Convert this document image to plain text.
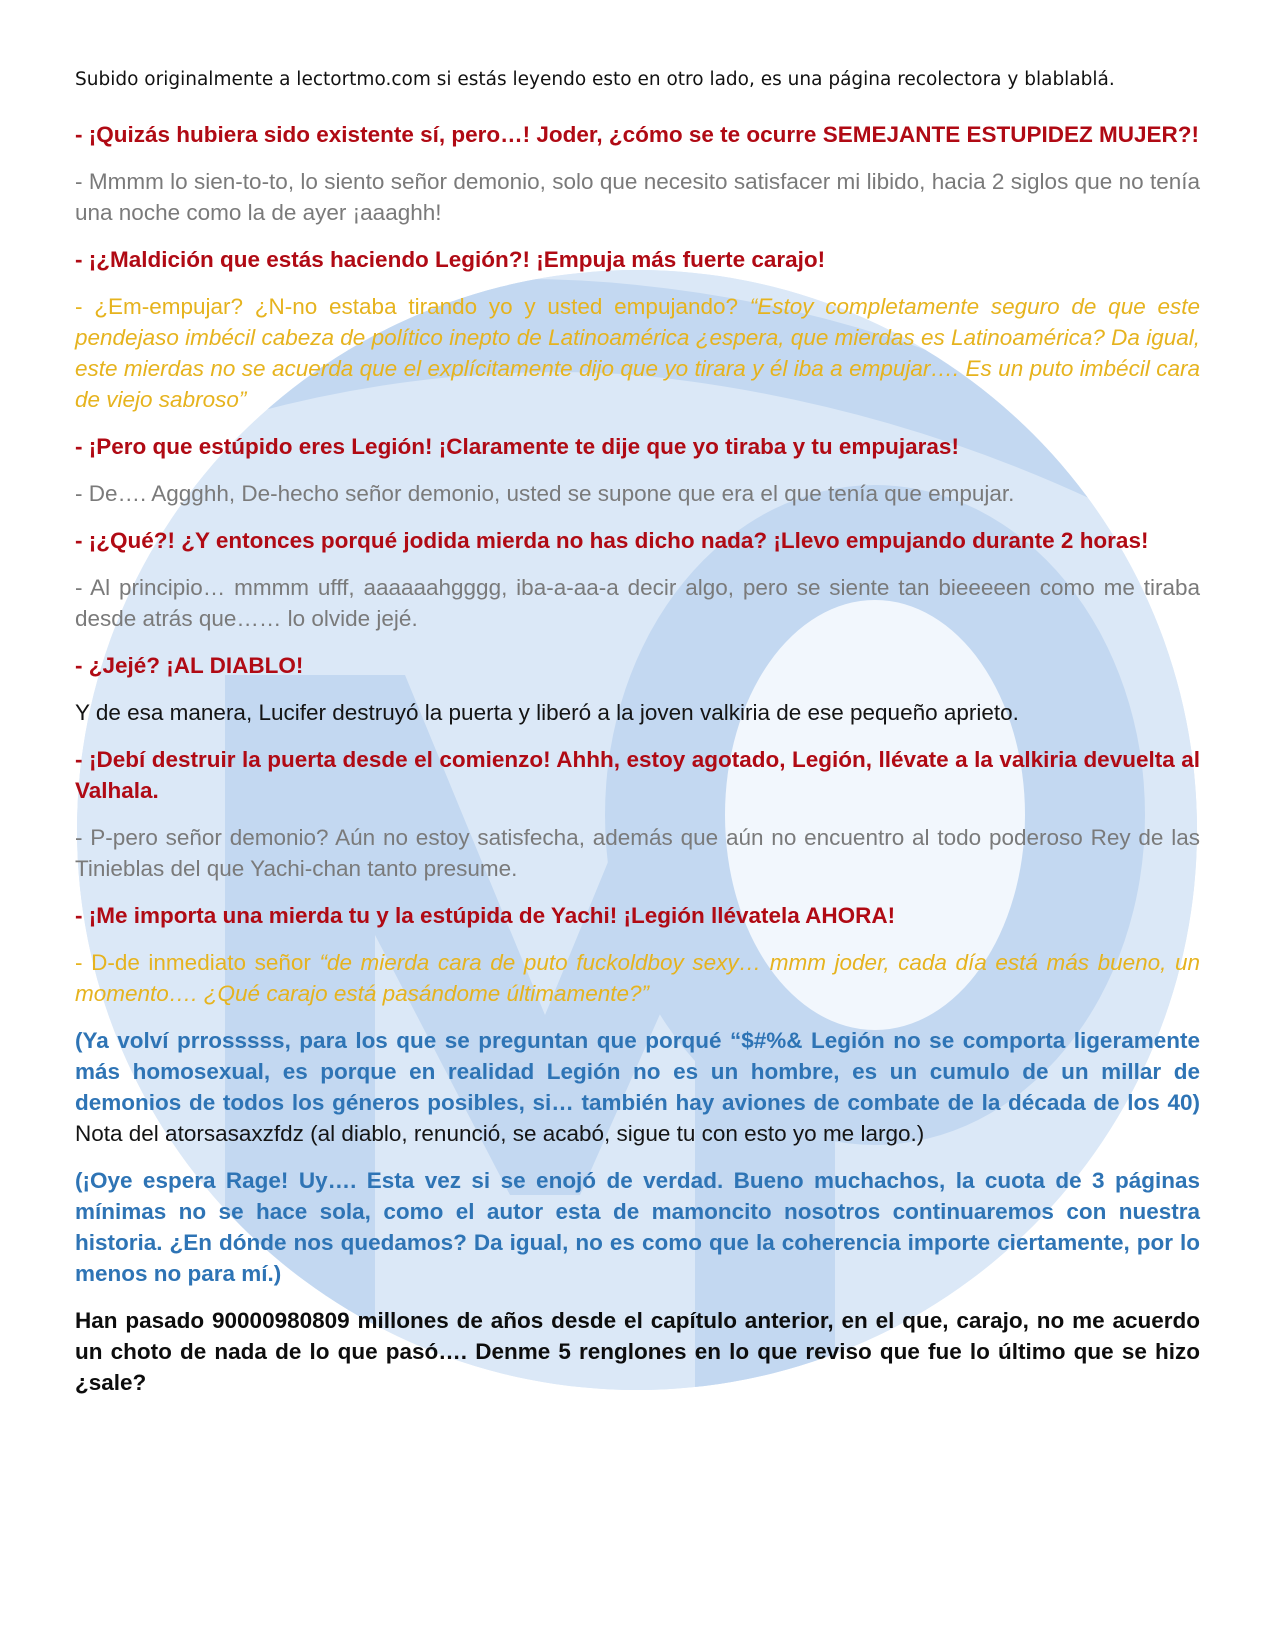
Subido originalmente a lectortmo.com si estás leyendo esto en otro lado, es una página recolectora y blablablá.

- ¡Quizás hubiera sido existente sí, pero…! Joder, ¿cómo se te ocurre SEMEJANTE ESTUPIDEZ MUJER?!

- Mmmm lo sien-to-to, lo siento señor demonio, solo que necesito satisfacer mi libido, hacia 2 siglos que no tenía una noche como la de ayer ¡aaaghh!

- ¡¿Maldición que estás haciendo Legión?! ¡Empuja más fuerte carajo!

- ¿Em-empujar? ¿N-no estaba tirando yo y usted empujando? “Estoy completamente seguro de que este pendejaso imbécil cabeza de político inepto de Latinoamérica ¿espera, que mierdas es Latinoamérica? Da igual, este mierdas no se acuerda que el explícitamente dijo que yo tirara y él iba a empujar…. Es un puto imbécil cara de viejo sabroso”

- ¡Pero que estúpido eres Legión! ¡Claramente te dije que yo tiraba y tu empujaras!

- De…. Aggghh, De-hecho señor demonio, usted se supone que era el que tenía que empujar.

- ¡¿Qué?! ¿Y entonces porqué jodida mierda no has dicho nada? ¡Llevo empujando durante 2 horas!

- Al principio… mmmm ufff, aaaaaahgggg, iba-a-aa-a decir algo, pero se siente tan bieeeeen como me tiraba desde atrás que…… lo olvide jejé.

- ¿Jejé? ¡AL DIABLO!

Y de esa manera, Lucifer destruyó la puerta y liberó a la joven valkiria de ese pequeño aprieto.

- ¡Debí destruir la puerta desde el comienzo! Ahhh, estoy agotado, Legión, llévate a la valkiria devuelta al Valhala.

- P-pero señor demonio? Aún no estoy satisfecha, además que aún no encuentro al todo poderoso Rey de las Tinieblas del que Yachi-chan tanto presume.

- ¡Me importa una mierda tu y la estúpida de Yachi! ¡Legión llévatela AHORA!

- D-de inmediato señor “de mierda cara de puto fuckoldboy sexy… mmm joder, cada día está más bueno, un momento…. ¿Qué carajo está pasándome últimamente?”

(Ya volví prrosssss, para los que se preguntan que porqué “$#%& Legión no se comporta ligeramente más homosexual, es porque en realidad Legión no es un hombre, es un cumulo de un millar de demonios de todos los géneros posibles, si… también hay aviones de combate de la década de los 40) Nota del atorsasaxzfdz (al diablo, renunció, se acabó, sigue tu con esto yo me largo.)

(¡Oye espera Rage! Uy…. Esta vez si se enojó de verdad. Bueno muchachos, la cuota de 3 páginas mínimas no se hace sola, como el autor esta de mamoncito nosotros continuaremos con nuestra historia. ¿En dónde nos quedamos? Da igual, no es como que la coherencia importe ciertamente, por lo menos no para mí.)

Han pasado 90000980809 millones de años desde el capítulo anterior, en el que, carajo, no me acuerdo un choto de nada de lo que pasó…. Denme 5 renglones en lo que reviso que fue lo último que se hizo ¿sale?
